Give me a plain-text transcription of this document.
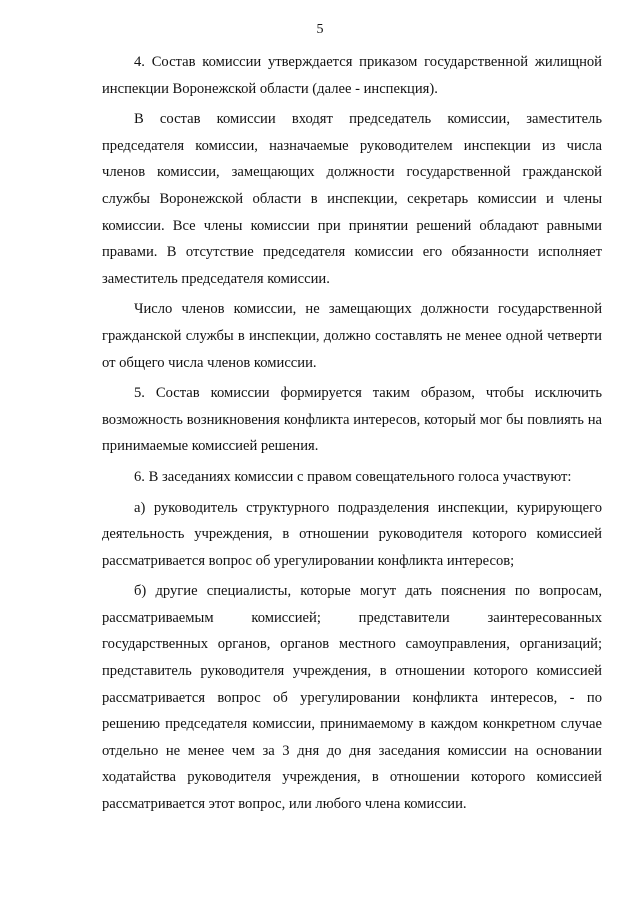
5

4. Состав комиссии утверждается приказом государственной жилищной инспекции Воронежской области (далее - инспекция).

В состав комиссии входят председатель комиссии, заместитель председателя комиссии, назначаемые руководителем инспекции из числа членов комиссии, замещающих должности государственной гражданской службы Воронежской области в инспекции, секретарь комиссии и члены комиссии. Все члены комиссии при принятии решений обладают равными правами. В отсутствие председателя комиссии его обязанности исполняет заместитель председателя комиссии.

Число членов комиссии, не замещающих должности государственной гражданской службы в инспекции, должно составлять не менее одной четверти от общего числа членов комиссии.

5. Состав комиссии формируется таким образом, чтобы исключить возможность возникновения конфликта интересов, который мог бы повлиять на принимаемые комиссией решения.

6. В заседаниях комиссии с правом совещательного голоса участвуют:

а) руководитель структурного подразделения инспекции, курирующего деятельность учреждения, в отношении руководителя которого комиссией рассматривается вопрос об урегулировании конфликта интересов;

б) другие специалисты, которые могут дать пояснения по вопросам, рассматриваемым комиссией; представители заинтересованных государственных органов, органов местного самоуправления, организаций; представитель руководителя учреждения, в отношении которого комиссией рассматривается вопрос об урегулировании конфликта интересов, - по решению председателя комиссии, принимаемому в каждом конкретном случае отдельно не менее чем за 3 дня до дня заседания комиссии на основании ходатайства руководителя учреждения, в отношении которого комиссией рассматривается этот вопрос, или любого члена комиссии.
